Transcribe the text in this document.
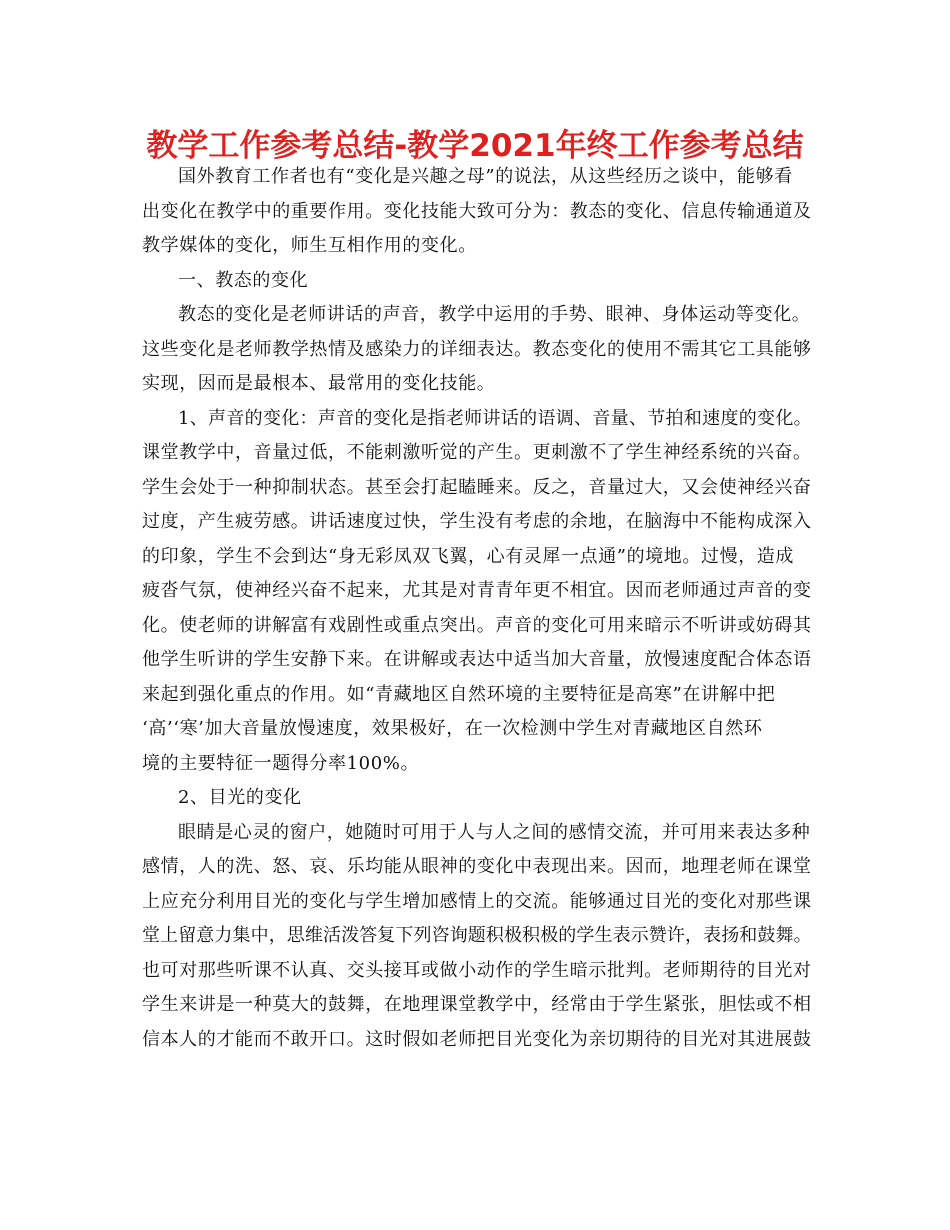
教学工作参考总结-教学2021年终工作参考总结
国外教育工作者也有“变化是兴趣之母”的说法，从这些经历之谈中，能够看
出变化在教学中的重要作用。变化技能大致可分为：教态的变化、信息传输通道及
教学媒体的变化，师生互相作用的变化。
一、教态的变化
教态的变化是老师讲话的声音，教学中运用的手势、眼神、身体运动等变化。
这些变化是老师教学热情及感染力的详细表达。教态变化的使用不需其它工具能够
实现，因而是最根本、最常用的变化技能。
1、声音的变化：声音的变化是指老师讲话的语调、音量、节拍和速度的变化。
课堂教学中，音量过低，不能刺激听觉的产生。更刺激不了学生神经系统的兴奋。
学生会处于一种抑制状态。甚至会打起瞌睡来。反之，音量过大，又会使神经兴奋
过度，产生疲劳感。讲话速度过快，学生没有考虑的余地，在脑海中不能构成深入
的印象，学生不会到达“身无彩凤双飞翼，心有灵犀一点通”的境地。过慢，造成
疲沓气氛，使神经兴奋不起来，尤其是对青青年更不相宜。因而老师通过声音的变
化。使老师的讲解富有戏剧性或重点突出。声音的变化可用来暗示不听讲或妨碍其
他学生听讲的学生安静下来。在讲解或表达中适当加大音量，放慢速度配合体态语
来起到强化重点的作用。如“青藏地区自然环境的主要特征是高寒”在讲解中把
‘高’‘寒’加大音量放慢速度，效果极好，在一次检测中学生对青藏地区自然环
境的主要特征一题得分率100%。
2、目光的变化
眼睛是心灵的窗户，她随时可用于人与人之间的感情交流，并可用来表达多种
感情，人的洗、怒、哀、乐均能从眼神的变化中表现出来。因而，地理老师在课堂
上应充分利用目光的变化与学生增加感情上的交流。能够通过目光的变化对那些课
堂上留意力集中，思维活泼答复下列咨询题积极积极的学生表示赞许，表扬和鼓舞。
也可对那些听课不认真、交头接耳或做小动作的学生暗示批判。老师期待的目光对
学生来讲是一种莫大的鼓舞，在地理课堂教学中，经常由于学生紧张，胆怯或不相
信本人的才能而不敢开口。这时假如老师把目光变化为亲切期待的目光对其进展鼓
